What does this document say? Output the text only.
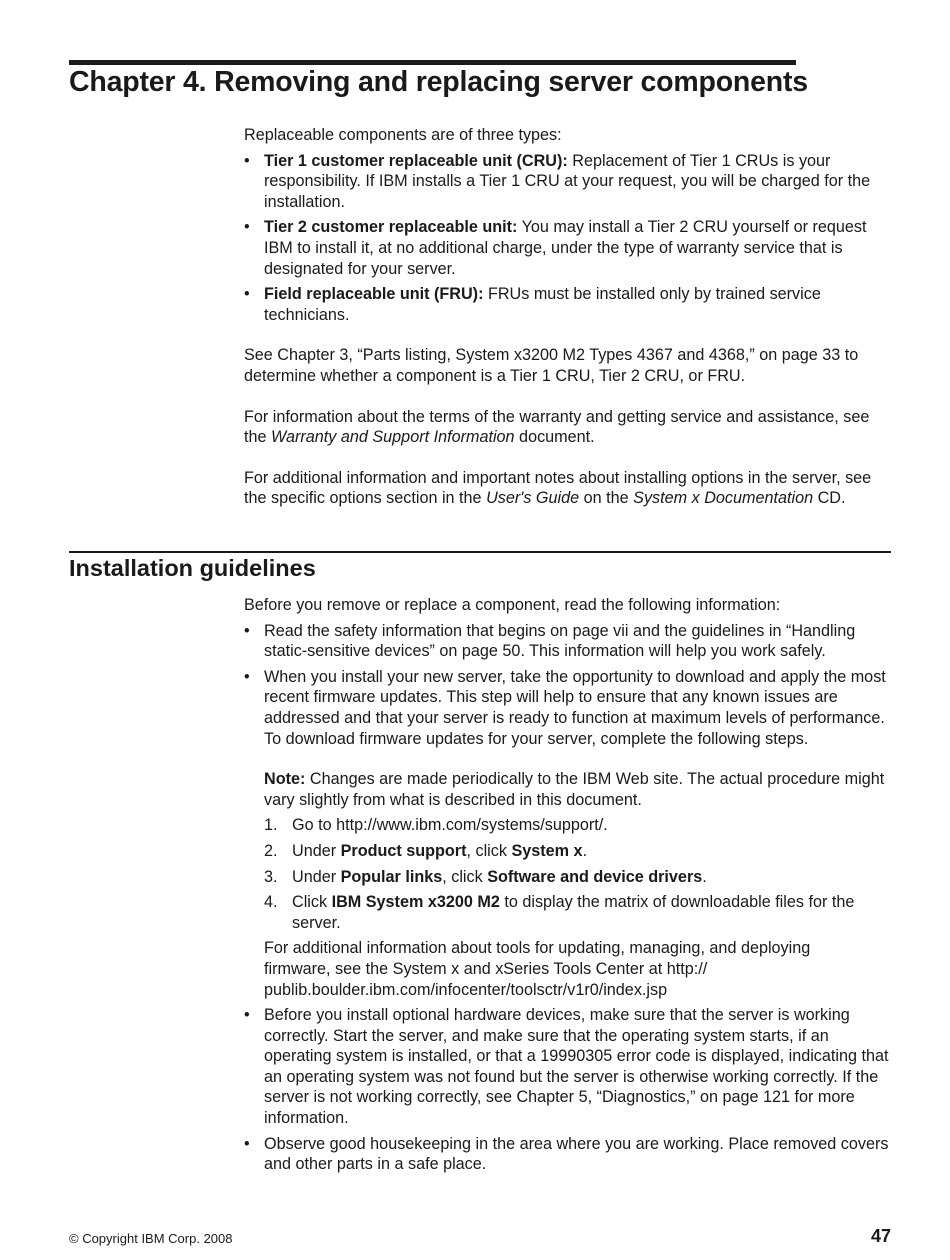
Chapter 4. Removing and replacing server components

Replaceable components are of three types:

• Tier 1 customer replaceable unit (CRU): Replacement of Tier 1 CRUs is your responsibility. If IBM installs a Tier 1 CRU at your request, you will be charged for the installation.
• Tier 2 customer replaceable unit: You may install a Tier 2 CRU yourself or request IBM to install it, at no additional charge, under the type of warranty service that is designated for your server.
• Field replaceable unit (FRU): FRUs must be installed only by trained service technicians.

See Chapter 3, “Parts listing, System x3200 M2 Types 4367 and 4368,” on page 33 to determine whether a component is a Tier 1 CRU, Tier 2 CRU, or FRU.

For information about the terms of the warranty and getting service and assistance, see the Warranty and Support Information document.

For additional information and important notes about installing options in the server, see the specific options section in the User's Guide on the System x Documentation CD.

Installation guidelines

Before you remove or replace a component, read the following information:

• Read the safety information that begins on page vii and the guidelines in “Handling static-sensitive devices” on page 50. This information will help you work safely.
• When you install your new server, take the opportunity to download and apply the most recent firmware updates. This step will help to ensure that any known issues are addressed and that your server is ready to function at maximum levels of performance. To download firmware updates for your server, complete the following steps.

Note: Changes are made periodically to the IBM Web site. The actual procedure might vary slightly from what is described in this document.

1. Go to http://www.ibm.com/systems/support/.
2. Under Product support, click System x.
3. Under Popular links, click Software and device drivers.
4. Click IBM System x3200 M2 to display the matrix of downloadable files for the server.

For additional information about tools for updating, managing, and deploying
firmware, see the System x and xSeries Tools Center at http://
publib.boulder.ibm.com/infocenter/toolsctr/v1r0/index.jsp

• Before you install optional hardware devices, make sure that the server is working correctly. Start the server, and make sure that the operating system starts, if an operating system is installed, or that a 19990305 error code is displayed, indicating that an operating system was not found but the server is otherwise working correctly. If the server is not working correctly, see Chapter 5, “Diagnostics,” on page 121 for more information.
• Observe good housekeeping in the area where you are working. Place removed covers and other parts in a safe place.
© Copyright IBM Corp. 2008	47
